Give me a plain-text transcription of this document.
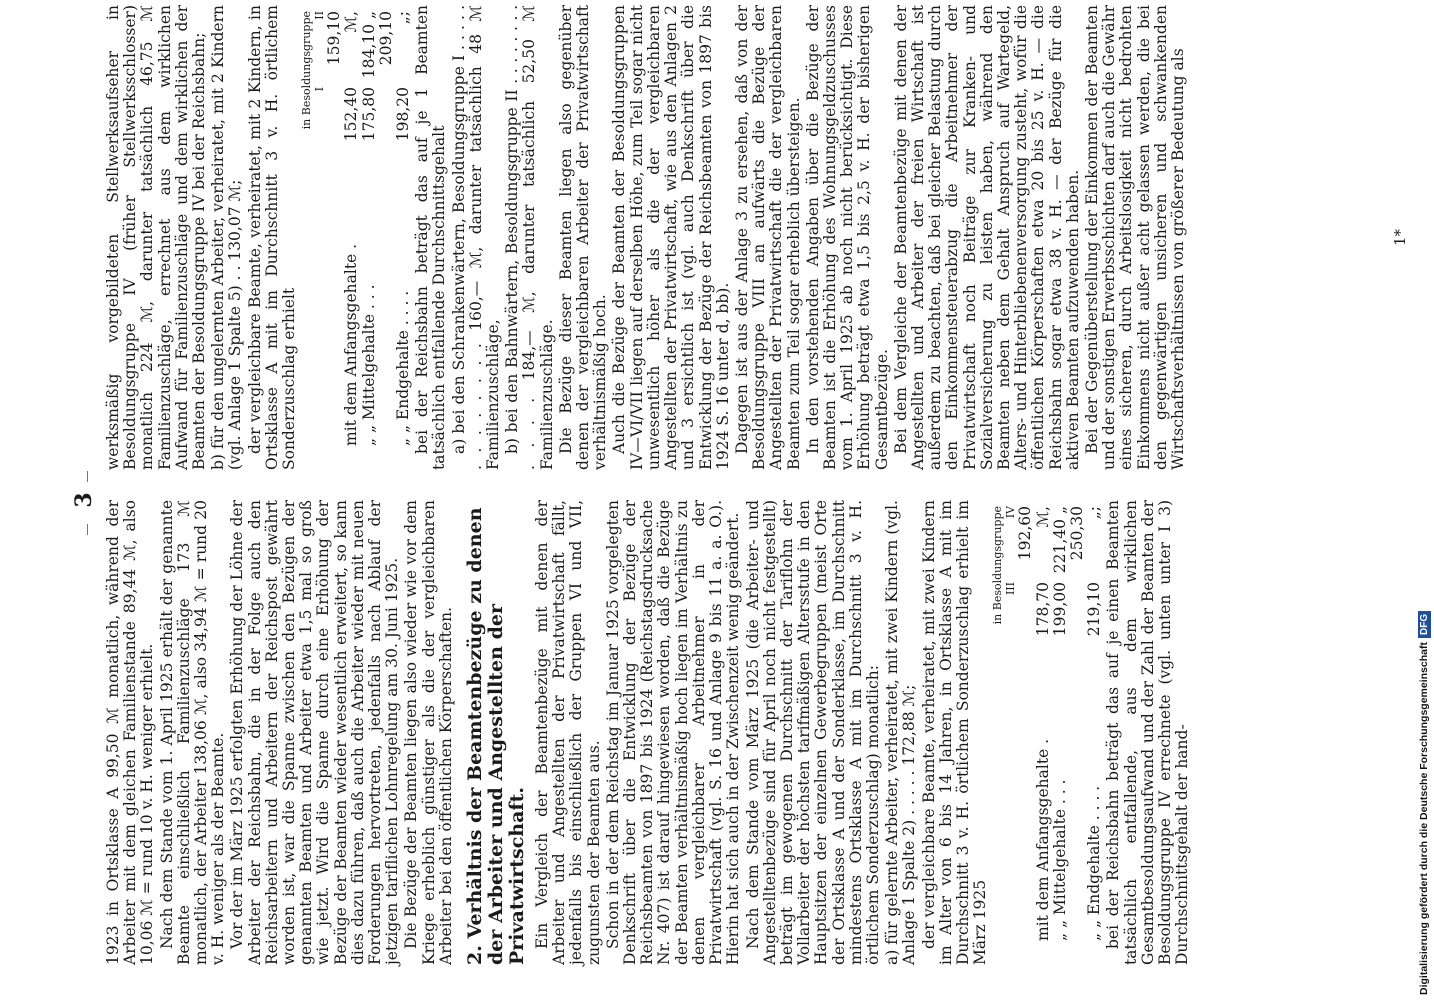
— 3 —

1923 in Ortsklasse A 99,50 ℳ monatlich, während der Arbeiter mit dem gleichen Familienstande 89,44 ℳ, also 10,06 ℳ = rund 10 v. H. weniger erhielt. Nach dem Stande vom 1. April 1925 erhält der genannte Beamte einschließlich Familienzuschläge 173 ℳ monatlich, der Arbeiter 138,06 ℳ, also 34,94 ℳ = rund 20 v. H. weniger als der Beamte. Vor der im März 1925 erfolgten Erhöhung der Löhne der Arbeiter der Reichsbahn, die in der Folge auch den Reichsarbeitern und Arbeitern der Reichspost gewährt worden ist, war die Spanne zwischen den Bezügen der genannten Beamten und Arbeiter etwa 1,5 mal so groß wie jetzt. Wird die Spanne durch eine Erhöhung der Bezüge der Beamten wieder wesentlich erweitert, so kann dies dazu führen, daß auch die Arbeiter wieder mit neuen Forderungen hervortreten, jedenfalls nach Ablauf der jetzigen tariflichen Lohnregelung am 30. Juni 1925. Die Bezüge der Beamten liegen also wieder wie vor dem Kriege erheblich günstiger als die der vergleichbaren Arbeiter bei den öffentlichen Körperschaften. 2. Verhältnis der Beamtenbezüge zu denen der Arbeiter und Angestellten der Privatwirtschaft. Ein Vergleich der Beamtenbezüge mit denen der Arbeiter und Angestellten der Privatwirtschaft fällt, jedenfalls bis einschließlich der Gruppen VI und VII, zugunsten der Beamten aus. Schon in der dem Reichstag im Januar 1925 vorgelegten Denkschrift über die Entwicklung der Bezüge der Reichsbeamten von 1897 bis 1924 (Reichstagsdrucksache Nr. 407) ist darauf hingewiesen worden, daß die Bezüge der Beamten verhältnismäßig hoch liegen im Verhältnis zu denen vergleichbarer Arbeitnehmer in der Privatwirtschaft (vgl. S. 16 und Anlage 9 bis 11 a. a. O.). Hierin hat sich auch in der Zwischenzeit wenig geändert. Nach dem Stande vom März 1925 (die Arbeiter- und Angestelltenbezüge sind für April noch nicht festgestellt) beträgt im gewogenen Durchschnitt der Tariflohn der Vollarbeiter der höchsten tarifmäßigen Altersstufe in den Hauptsitzen der einzelnen Gewerbegruppen (meist Orte der Ortsklasse A und der Sonderklasse, im Durchschnitt mindestens Ortsklasse A mit im Durchschnitt 3 v. H. örtlichem Sonderzuschlag) monatlich: a) für gelernte Arbeiter, verheiratet, mit zwei Kindern (vgl. Anlage 1 Spalte 2) . . . . . 172,88 ℳ; der vergleichbare Beamte, verheiratet, mit zwei Kindern im Alter von 6 bis 14 Jahren, in Ortsklasse A mit im Durchschnitt 3 v. H. örtlichem Sonderzuschlag erhielt im März 1925

	in Besoldungsgruppe	
	III	IV
mit dem Anfangsgehalte .	178,70	192,60 ℳ,
„ „ Mittelgehalte . . .	199,00	221,40 „
„ „ Endgehalte . . . .	219,10	250,30 „; bei der Reichsbahn beträgt das auf je einen Beamten tatsächlich entfallende, aus dem wirklichen Gesamtbesoldungsaufwand und der Zahl der Beamten der Besoldungsgruppe IV errechnete (vgl. unten unter I 3) Durchschnittsgehalt der hand-

werksmäßig vorgebildeten Stellwerksaufseher in Besoldungsgruppe IV (früher Stellwerksschlosser) monatlich 224 ℳ, darunter tatsächlich 46,75 ℳ Familienzuschläge, errechnet aus dem wirklichen Aufwand für Familienzuschläge und dem wirklichen der Beamten der Besoldungsgruppe IV bei der Reichsbahn; b) für den ungelernten Arbeiter, verheiratet, mit 2 Kindern (vgl. Anlage 1 Spalte 5) . . 130,07 ℳ; der vergleichbare Beamte, verheiratet, mit 2 Kindern, in Ortsklasse A mit im Durchschnitt 3 v. H. örtlichem Sonderzuschlag erhielt

	in Besoldungsgruppe	
	I	II
mit dem Anfangsgehalte .	152,40	159,10 ℳ,
„ „ Mittelgehalte . . .	175,80	184,10 „
„ „ Endgehalte . . . .	198,20	209,10 „; bei der Reichsbahn beträgt das auf je 1 Beamten tatsächlich entfallende Durchschnittsgehalt a) bei den Schrankenwärtern, Besoldungsgruppe I . . . . . . . . . . . . . 160,— ℳ, darunter tatsächlich 48 ℳ Familienzuschläge, b) bei den Bahnwärtern, Besoldungsgruppe II . . . . . . . . . . . . 184,— ℳ, darunter tatsächlich 52,50 ℳ Familienzuschläge. Die Bezüge dieser Beamten liegen also gegenüber denen der vergleichbaren Arbeiter der Privatwirtschaft verhältnismäßig hoch. Auch die Bezüge der Beamten der Besoldungsgruppen IV—VI/VII liegen auf derselben Höhe, zum Teil sogar nicht unwesentlich höher als die der vergleichbaren Angestellten der Privatwirtschaft, wie aus den Anlagen 2 und 3 ersichtlich ist (vgl. auch Denkschrift über die Entwicklung der Bezüge der Reichsbeamten von 1897 bis 1924 S. 16 unter d, bb). Dagegen ist aus der Anlage 3 zu ersehen, daß von der Besoldungsgruppe VIII an aufwärts die Bezüge der Angestellten der Privatwirtschaft die der vergleichbaren Beamten zum Teil sogar erheblich übersteigen. In den vorstehenden Angaben über die Bezüge der Beamten ist die Erhöhung des Wohnungsgeldzuschusses vom 1. April 1925 ab noch nicht berücksichtigt. Diese Erhöhung beträgt etwa 1,5 bis 2,5 v. H. der bisherigen Gesamtbezüge. Bei dem Vergleiche der Beamtenbezüge mit denen der Angestellten und Arbeiter der freien Wirtschaft ist außerdem zu beachten, daß bei gleicher Belastung durch den Einkommensteuerabzug die Arbeitnehmer der Privatwirtschaft noch Beiträge zur Kranken- und Sozialversicherung zu leisten haben, während den Beamten neben dem Gehalt Anspruch auf Wartegeld, Alters- und Hinterbliebenenversorgung zusteht, wofür die öffentlichen Körperschaften etwa 20 bis 25 v. H. — die Reichsbahn sogar etwa 38 v. H. — der Bezüge für die aktiven Beamten aufzuwenden haben. Bei der Gegenüberstellung der Einkommen der Beamten und der sonstigen Erwerbsschichten darf auch die Gewähr eines sicheren, durch Arbeitslosigkeit nicht bedrohten Einkommens nicht außer acht gelassen werden, die bei den gegenwärtigen unsicheren und schwankenden Wirtschaftsverhältnissen von größerer Bedeutung als	1*
Digitalisierung gefördert durch die Deutsche ForschungsgemeinschaftDFG
